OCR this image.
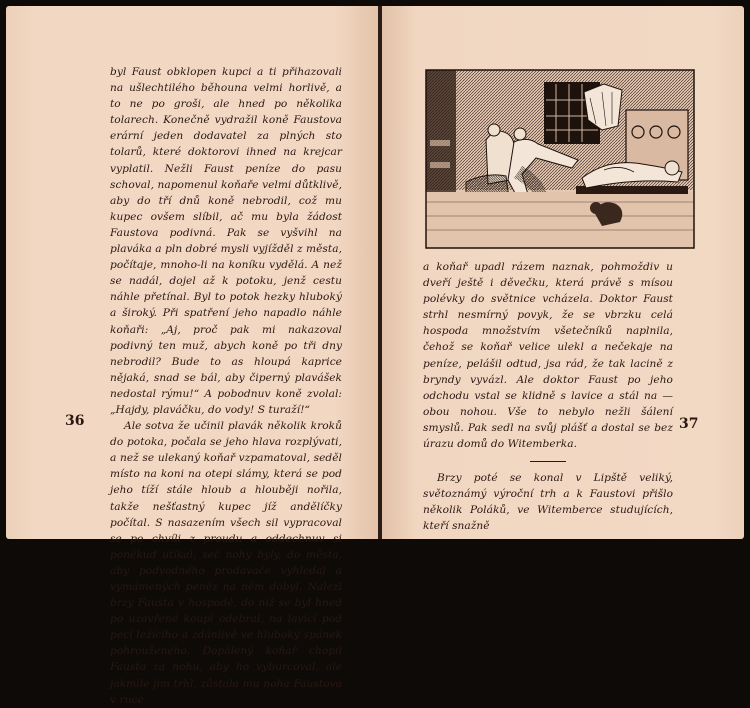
byl Faust obklopen kupci a ti přihazovali na ušlechtilého běhouna velmi horlivě, a to ne po groši, ale hned po několika tolarech. Konečně vydražil koně Faustova erární jeden dodavatel za plných sto tolarů, které doktorovi ihned na krejcar vyplatil. Nežli Faust peníze do pasu schoval, napomenul koňaře velmi důtklivě, aby do tří dnů koně nebrodil, což mu kupec ovšem slíbil, ač mu byla žádost Faustova podivná. Pak se vyšvihl na plaváka a pln dobré mysli vyjížděl z města, počítaje, mnoho-li na koníku vydělá. A než se nadál, dojel až k potoku, jenž cestu náhle přetínal. Byl to potok hezky hluboký a široký. Při spatření jeho napadlo náhle koňaři: „Aj, proč pak mi nakazoval podivný ten muž, abych koně po tři dny nebrodil? Bude to as hloupá kaprice nějaká, snad se bál, aby čiperný plavášek nedostal rýmu!“ A pobodnuv koně zvolal: „Hajdy, plaváčku, do vody! S turaží!“

Ale sotva že učinil plavák několik kroků do potoka, počala se jeho hlava rozplývati, a než se ulekaný koňař vzpamatoval, seděl místo na koni na otepi slámy, která se pod jeho tíží stále hloub a hlouběji nořila, takže nešťastný kupec jíž andělíčky počítal. S nasazením všech sil vypracoval se po chvíli z proudu a oddechnuv si poněkud utíkal, seč nohy byly, do města, aby podvodného prodavače vyhledal a vymámených peněz na něm dobyl. Nalezl brzy Fausta v hospodě, do níž se byl hned po uzavřené koupi odebral, na lavici pod pecí ležícího a zdánlivě ve hluboký spánek pohrouženého. Dopálený koňař chopil Fausta za nohu, aby ho vyburcoval, ale jakmile jím trhl, zůstala mu noha Faustova v ruce

36

a koňař upadl rázem naznak, pohmoždiv u dveří ještě i děvečku, která právě s mísou polévky do světnice vcházela. Doktor Faust strhl nesmírný povyk, že se vbrzku celá hospoda množstvím všetečníků naplnila, čehož se koňař velice ulekl a nečekaje na peníze, pelášil odtud, jsa rád, že tak lacině z bryndy vyvázl. Ale doktor Faust po jeho odchodu vstal se klidně s lavice a stál na — obou nohou. Vše to nebylo nežli šálení smyslů. Pak sedl na svůj plášť a dostal se bez úrazu domů do Witemberka.

Brzy poté se konal v Lipště veliký, světoznámý výroční trh a k Faustovi přišlo několik Poláků, ve Witemberce studujících, kteří snažně

37
